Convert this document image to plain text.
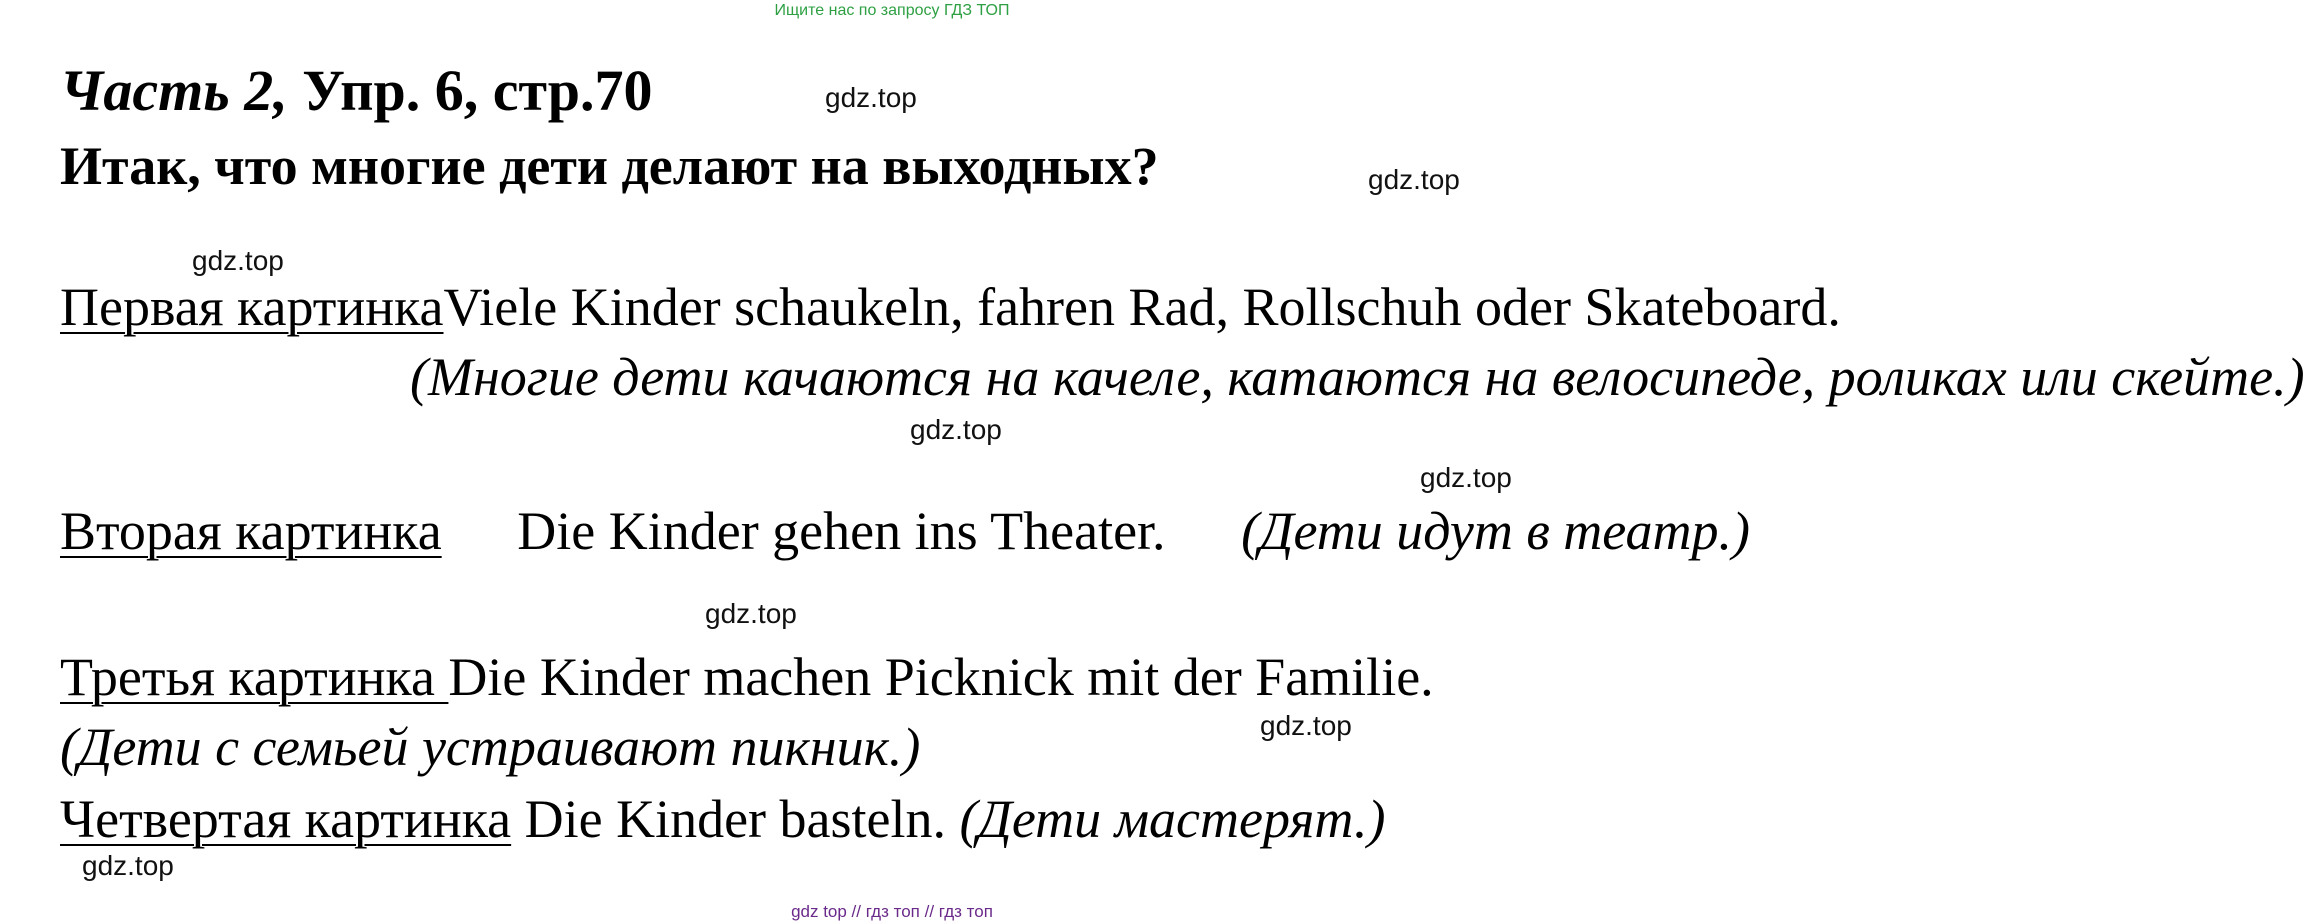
Ищите нас по запросу ГДЗ ТОП
Часть 2, Упр. 6, стр.70
Итак, что многие дети делают на выходных?
gdz.top
gdz.top
gdz.top
gdz.top
gdz.top
gdz.top
gdz.top
gdz.top
Первая картинка Viele Kinder schaukeln, fahren Rad, Rollschuh oder Skateboard.
(Многие дети качаются на качеле, катаются на велосипеде, роликах или скейте.)
Вторая картинка Die Kinder gehen ins Theater. (Дети идут в театр.)
Третья картинка Die Kinder machen Picknick mit der Familie.
(Дети с семьей устраивают пикник.)
Четвертая картинка Die Kinder basteln. (Дети мастерят.)
gdz top // гдз топ // гдз топ
